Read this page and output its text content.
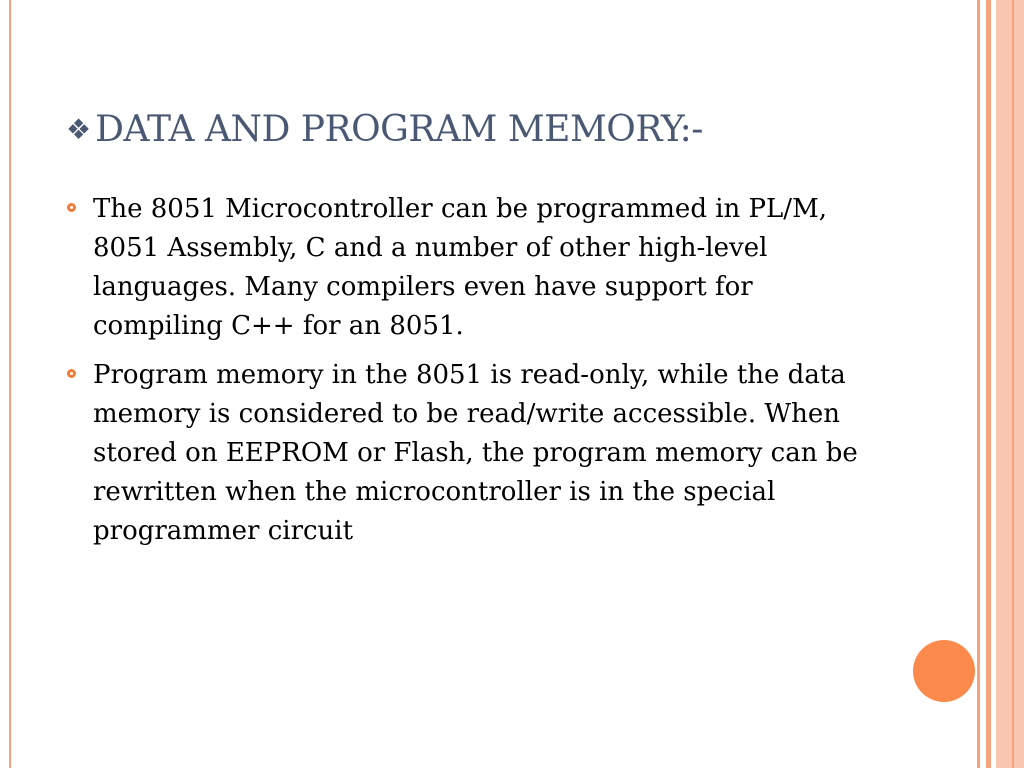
❖ DATA AND PROGRAM MEMORY:-
The 8051 Microcontroller can be programmed in PL/M, 8051 Assembly, C and a number of other high-level languages. Many compilers even have support for compiling C++ for an 8051.
Program memory in the 8051 is read-only, while the data memory is considered to be read/write accessible. When stored on EEPROM or Flash, the program memory can be rewritten when the microcontroller is in the special programmer circuit
